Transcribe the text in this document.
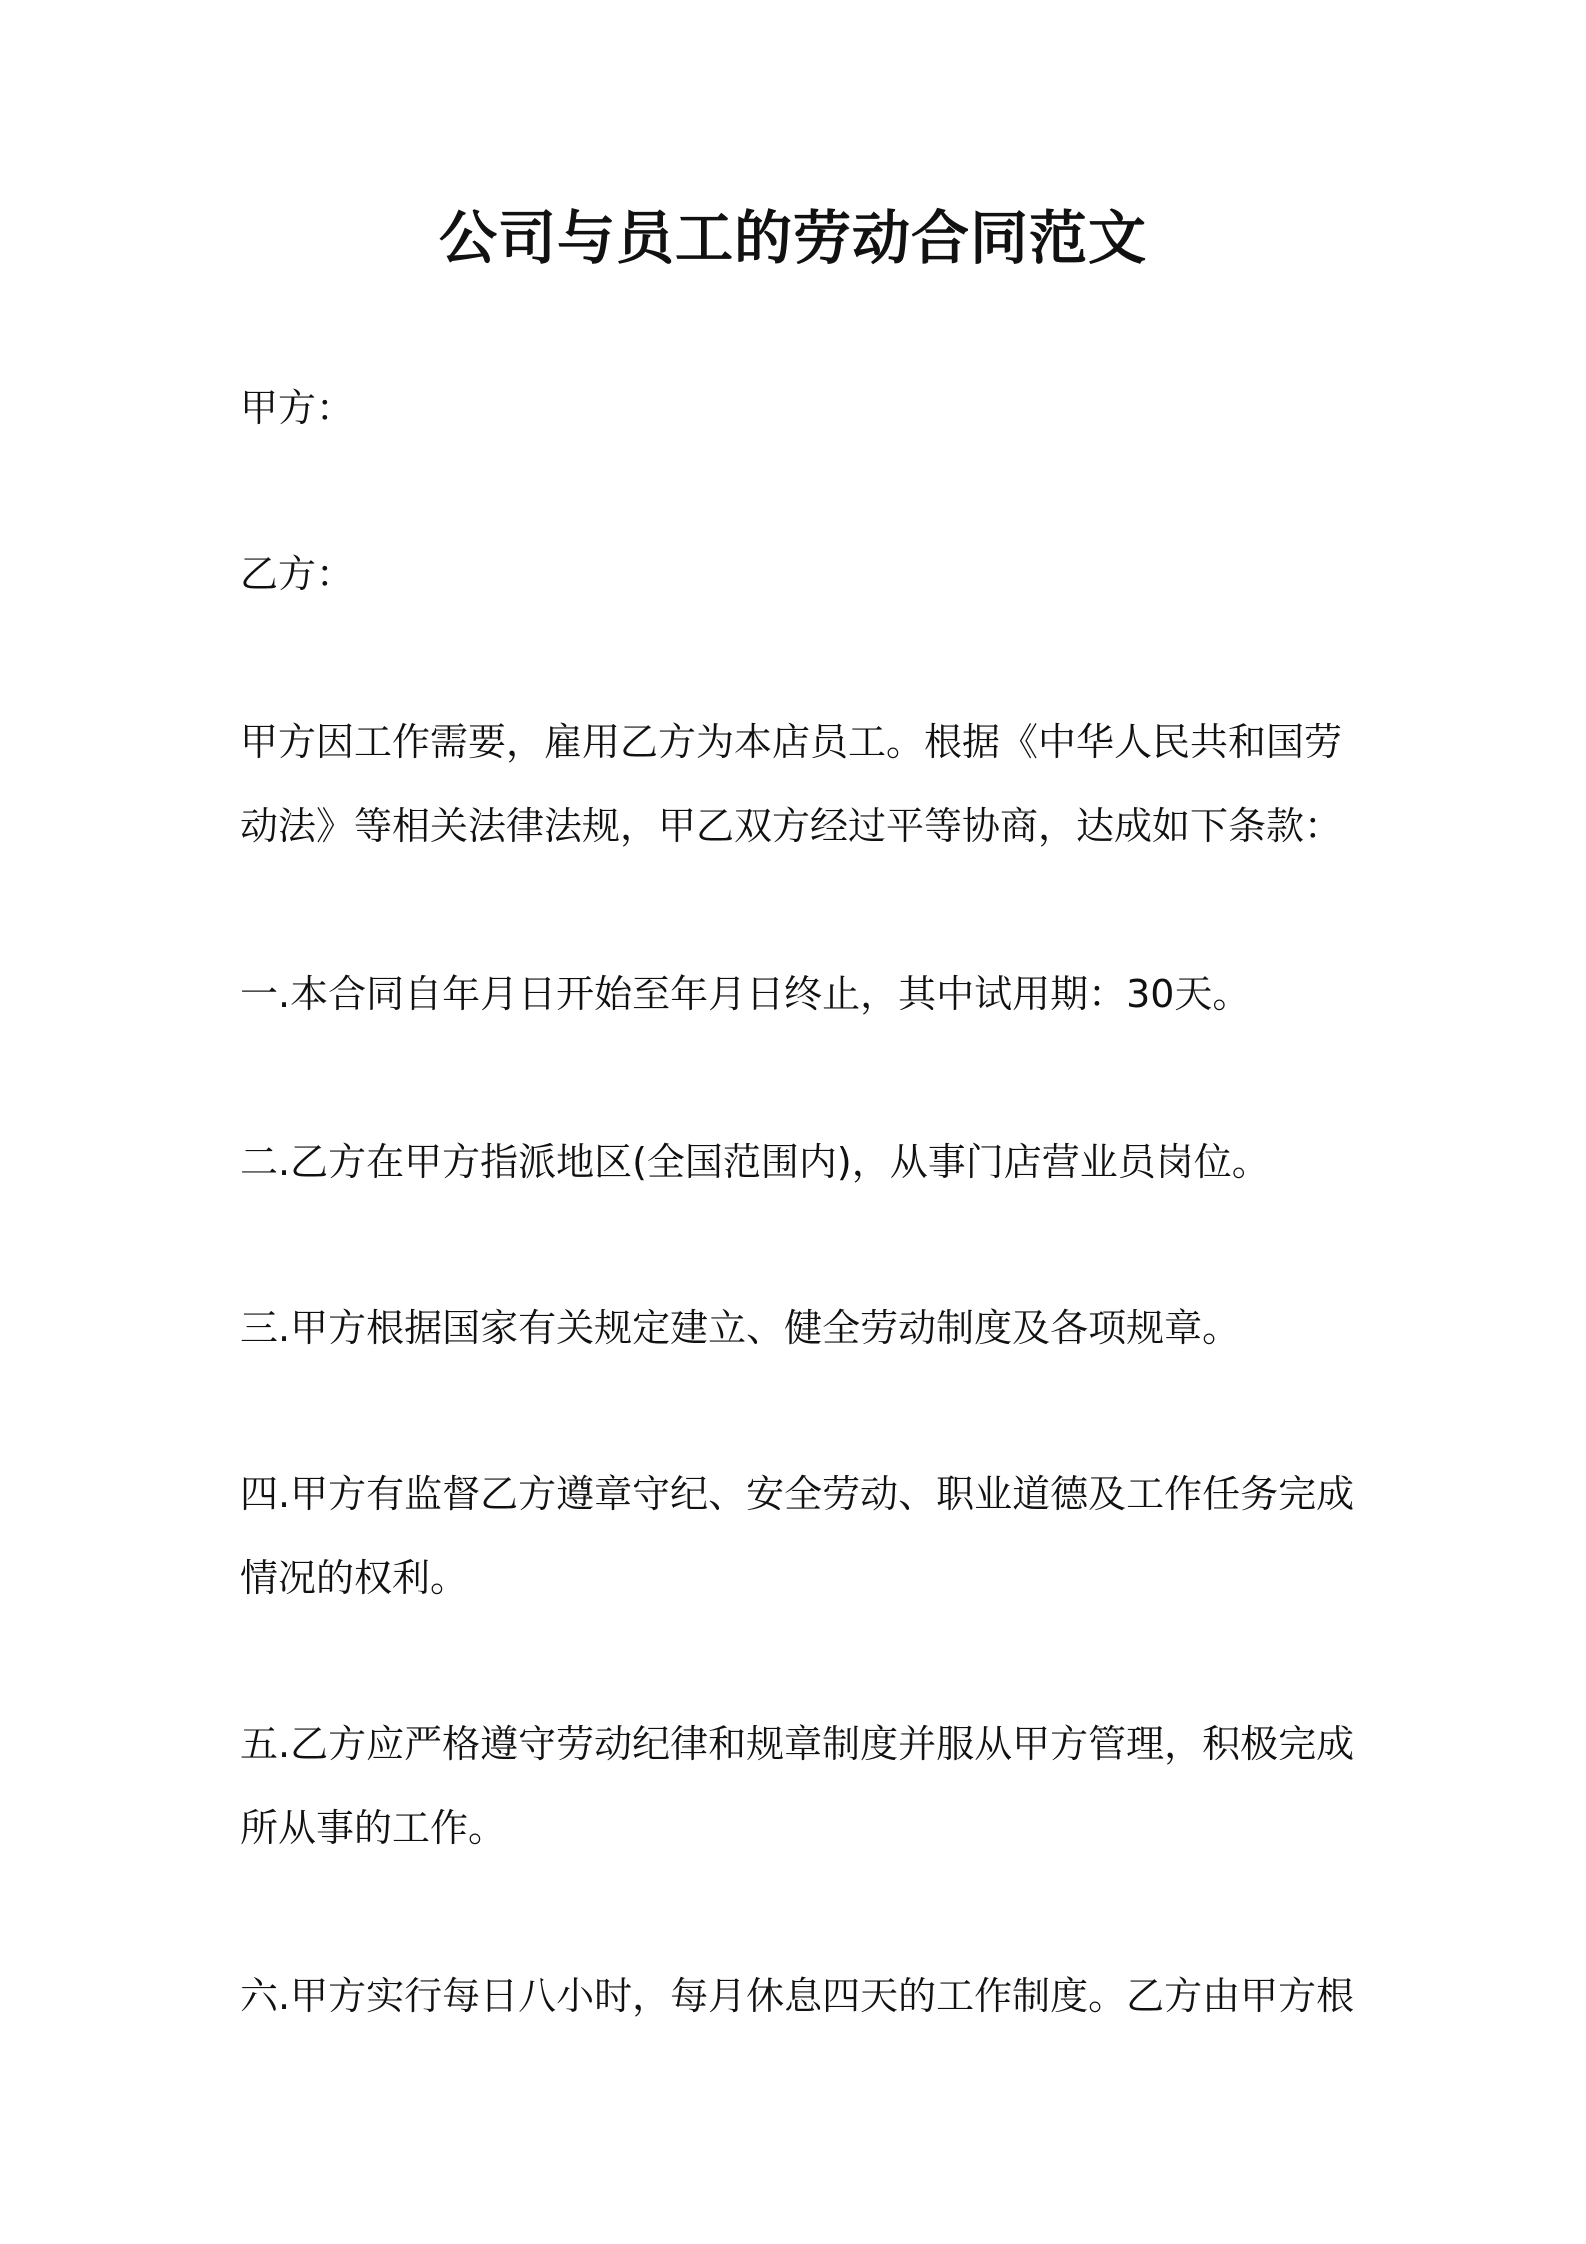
公司与员工的劳动合同范文

甲方：

乙方：

甲方因工作需要，雇用乙方为本店员工。根据《中华人民共和国劳动法》等相关法律法规，甲乙双方经过平等协商，达成如下条款：

一.本合同自年月日开始至年月日终止，其中试用期：30天。

二.乙方在甲方指派地区(全国范围内)，从事门店营业员岗位。

三.甲方根据国家有关规定建立、健全劳动制度及各项规章。

四.甲方有监督乙方遵章守纪、安全劳动、职业道德及工作任务完成情况的权利。

五.乙方应严格遵守劳动纪律和规章制度并服从甲方管理，积极完成所从事的工作。

六.甲方实行每日八小时，每月休息四天的工作制度。乙方由甲方根
